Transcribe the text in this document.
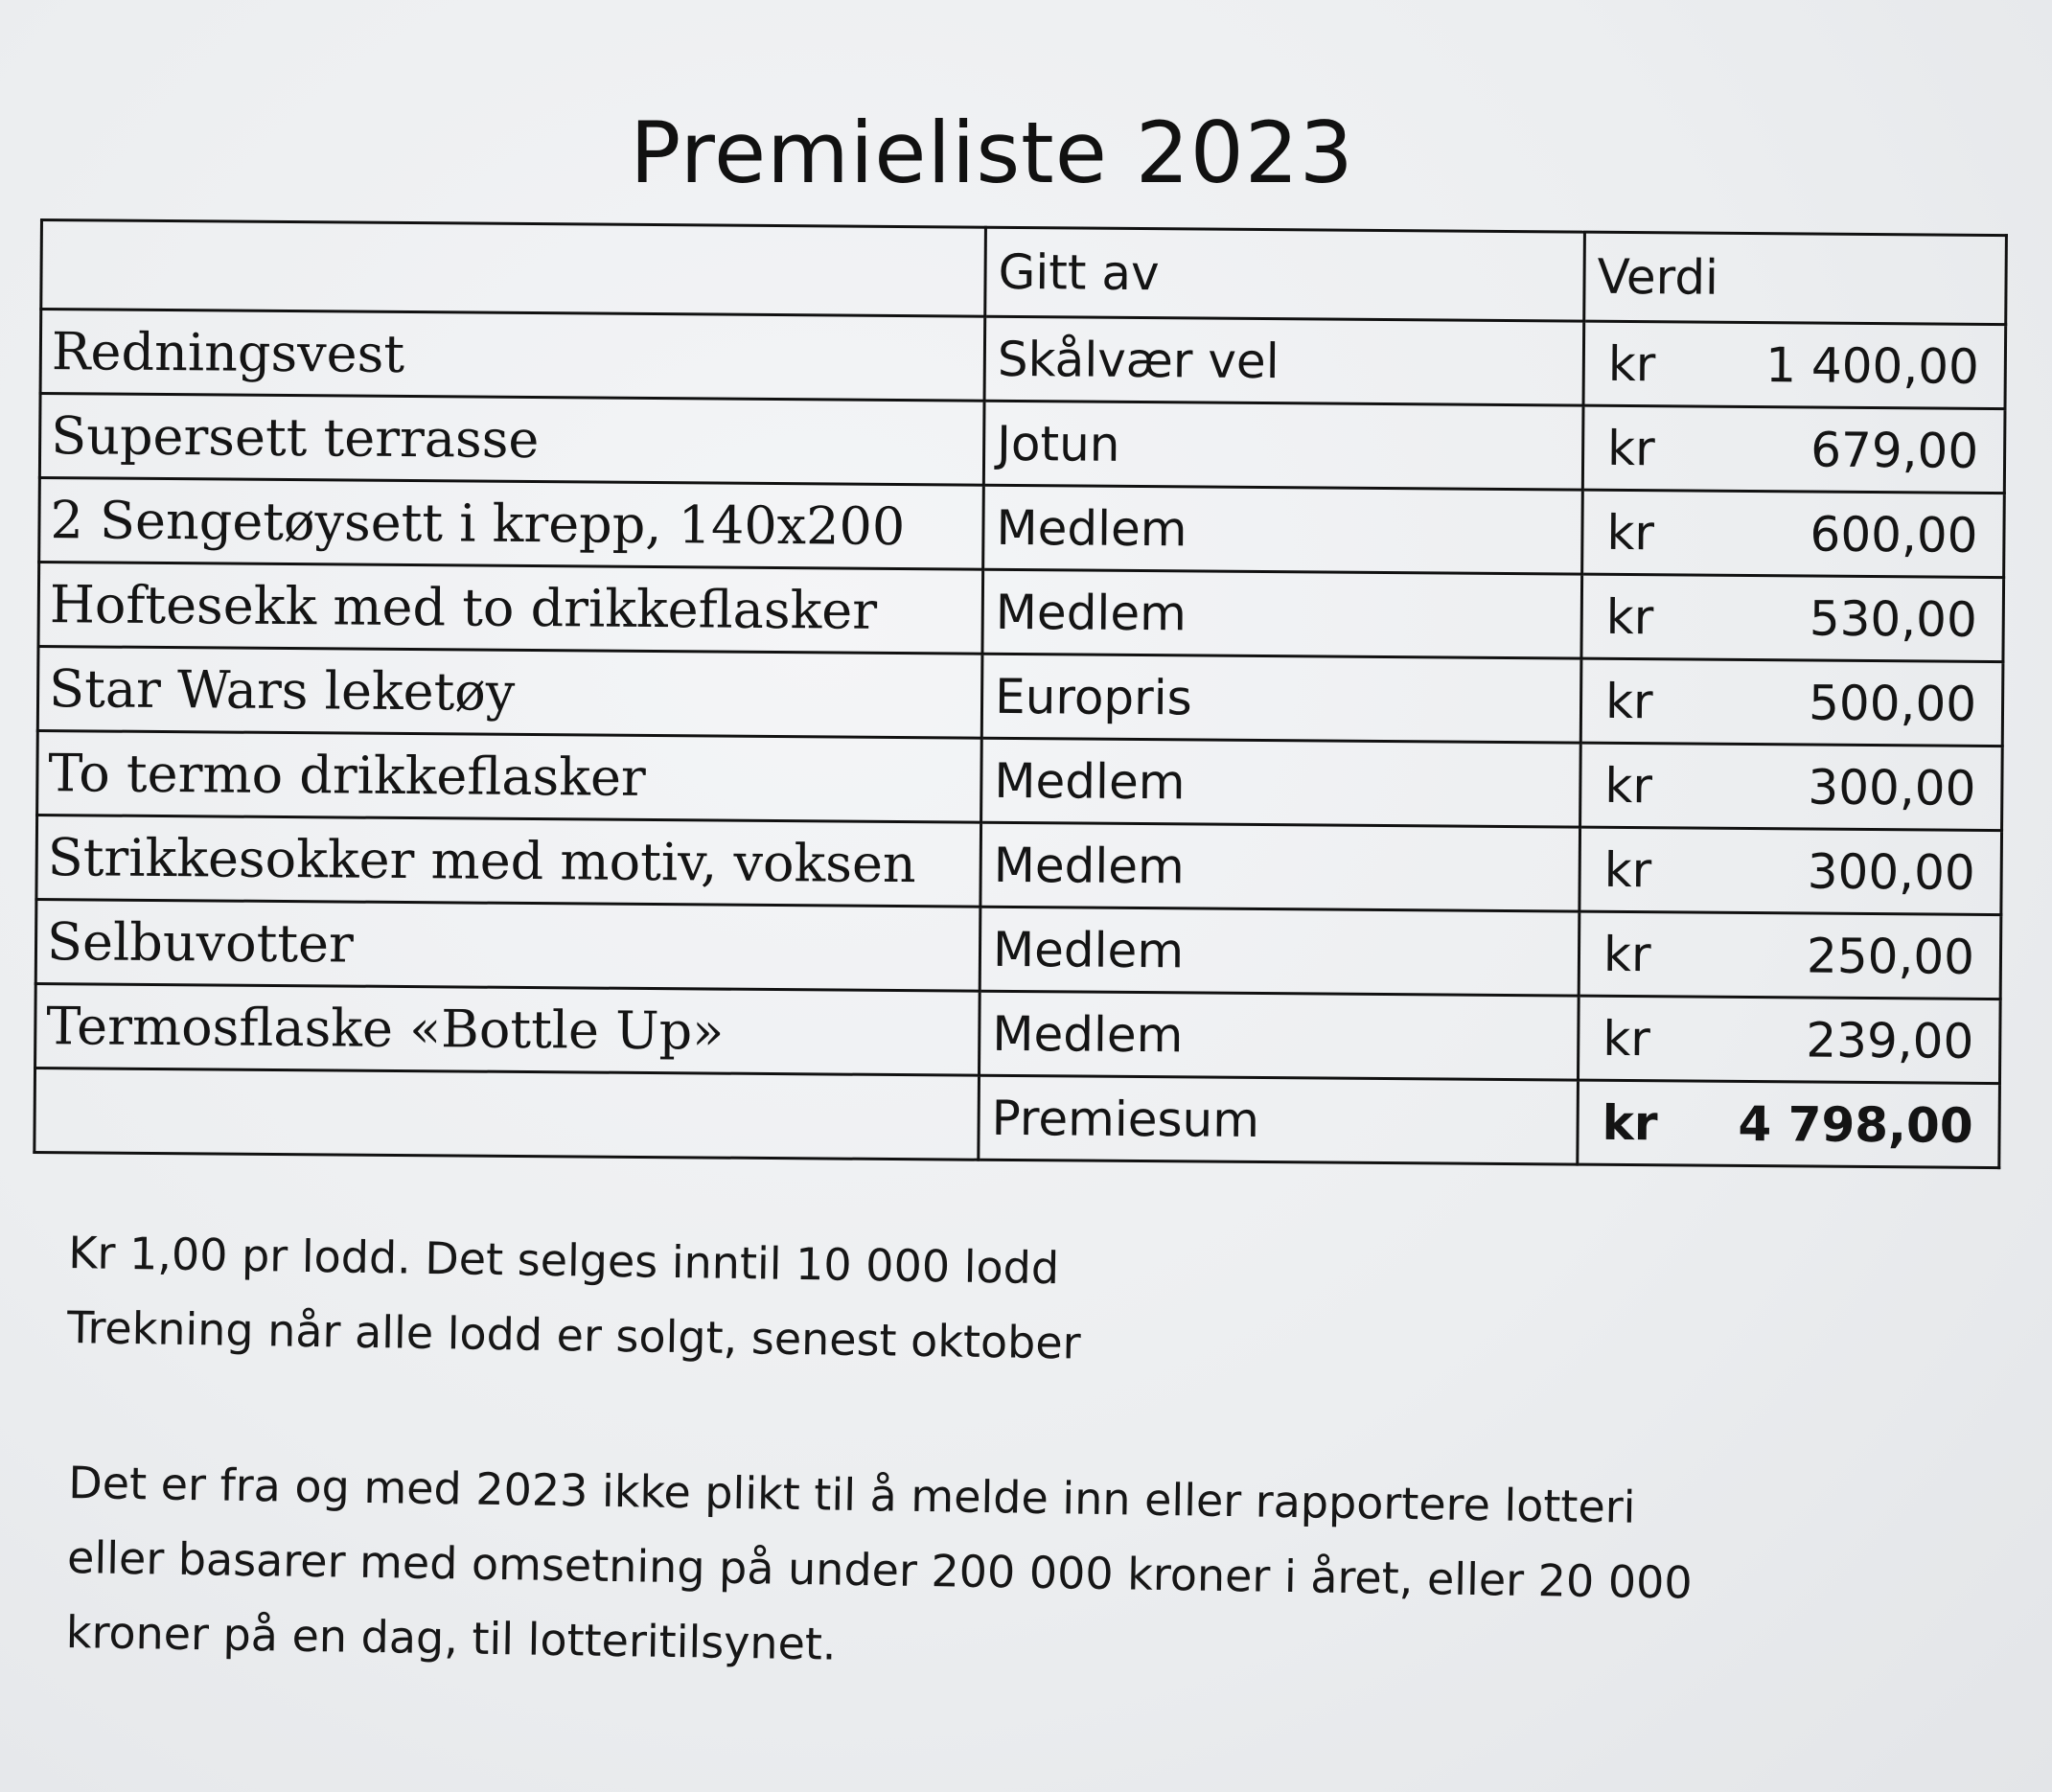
Premieliste 2023
	Gitt av	Verdi

Redningsvest	Skålvær vel	kr 1 400,00

Supersett terrasse	Jotun	kr 679,00

2 Sengetøysett i krepp, 140x200	Medlem	kr 600,00

Hoftesekk med to drikkeflasker	Medlem	kr 530,00

Star Wars leketøy	Europris	kr 500,00

To termo drikkeflasker	Medlem	kr 300,00

Strikkesokker med motiv, voksen	Medlem	kr 300,00

Selbuvotter	Medlem	kr 250,00

Termosflaske «Bottle Up»	Medlem	kr 239,00

	Premiesum	kr 4 798,00

Kr 1,00 pr lodd. Det selges inntil 10 000 lodd

Trekning når alle lodd er solgt, senest oktober

Det er fra og med 2023 ikke plikt til å melde inn eller rapportere lotteri

eller basarer med omsetning på under 200 000 kroner i året, eller 20 000

kroner på en dag, til lotteritilsynet.
